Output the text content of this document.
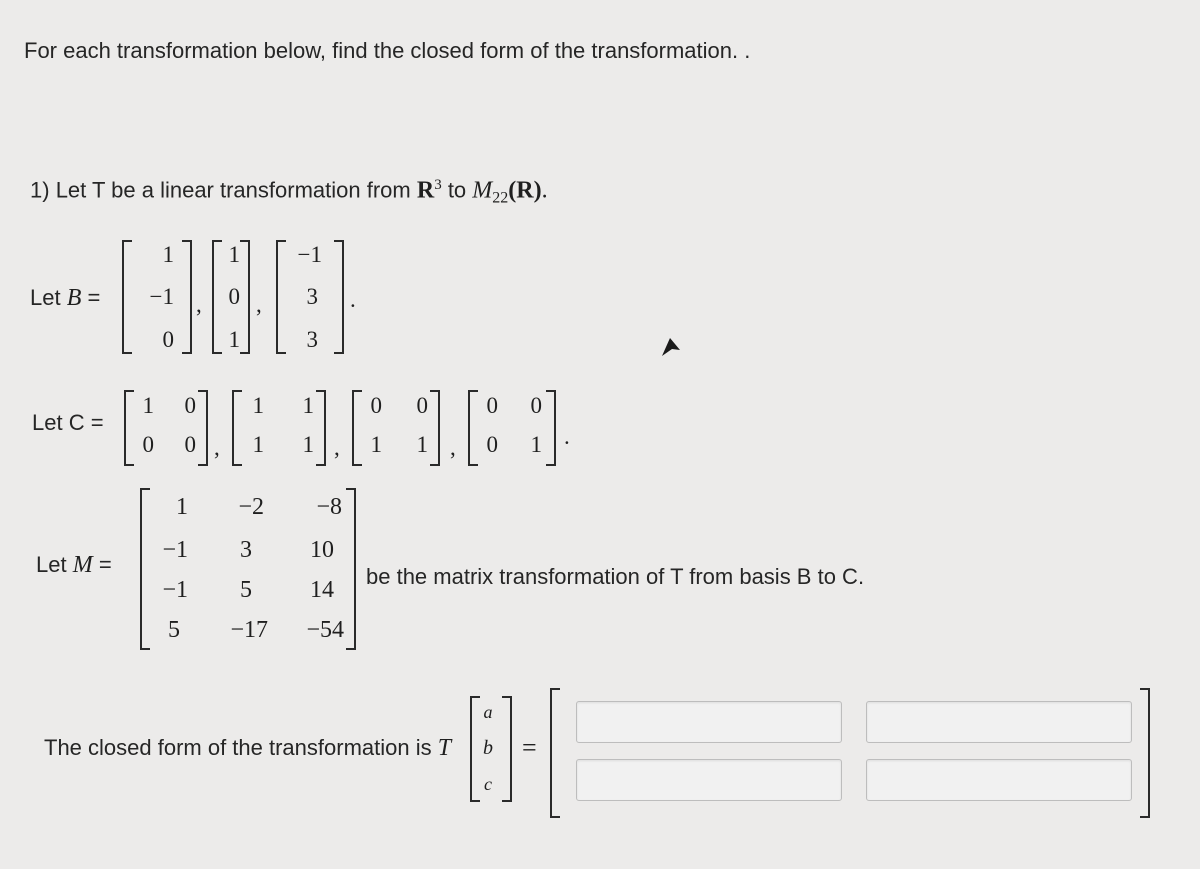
For each transformation below, find the closed form of the transformation. .
1) Let T be a linear transformation from $R^3$ to $M_{22}(R)$.
Let B =
1
−1
0
,
1
0
1
,
−1
3
3
.
Let C =
1 0
0 0 ,
1 1
1 1 ,
0 0
1 1 ,
0 0
0 1 .
Let M =
1	−2	−8
−1	3	10
−1	5	14
5	−17	−54
be the matrix transformation of T from basis B to C.
The closed form of the transformation is T
a
b
c
=
